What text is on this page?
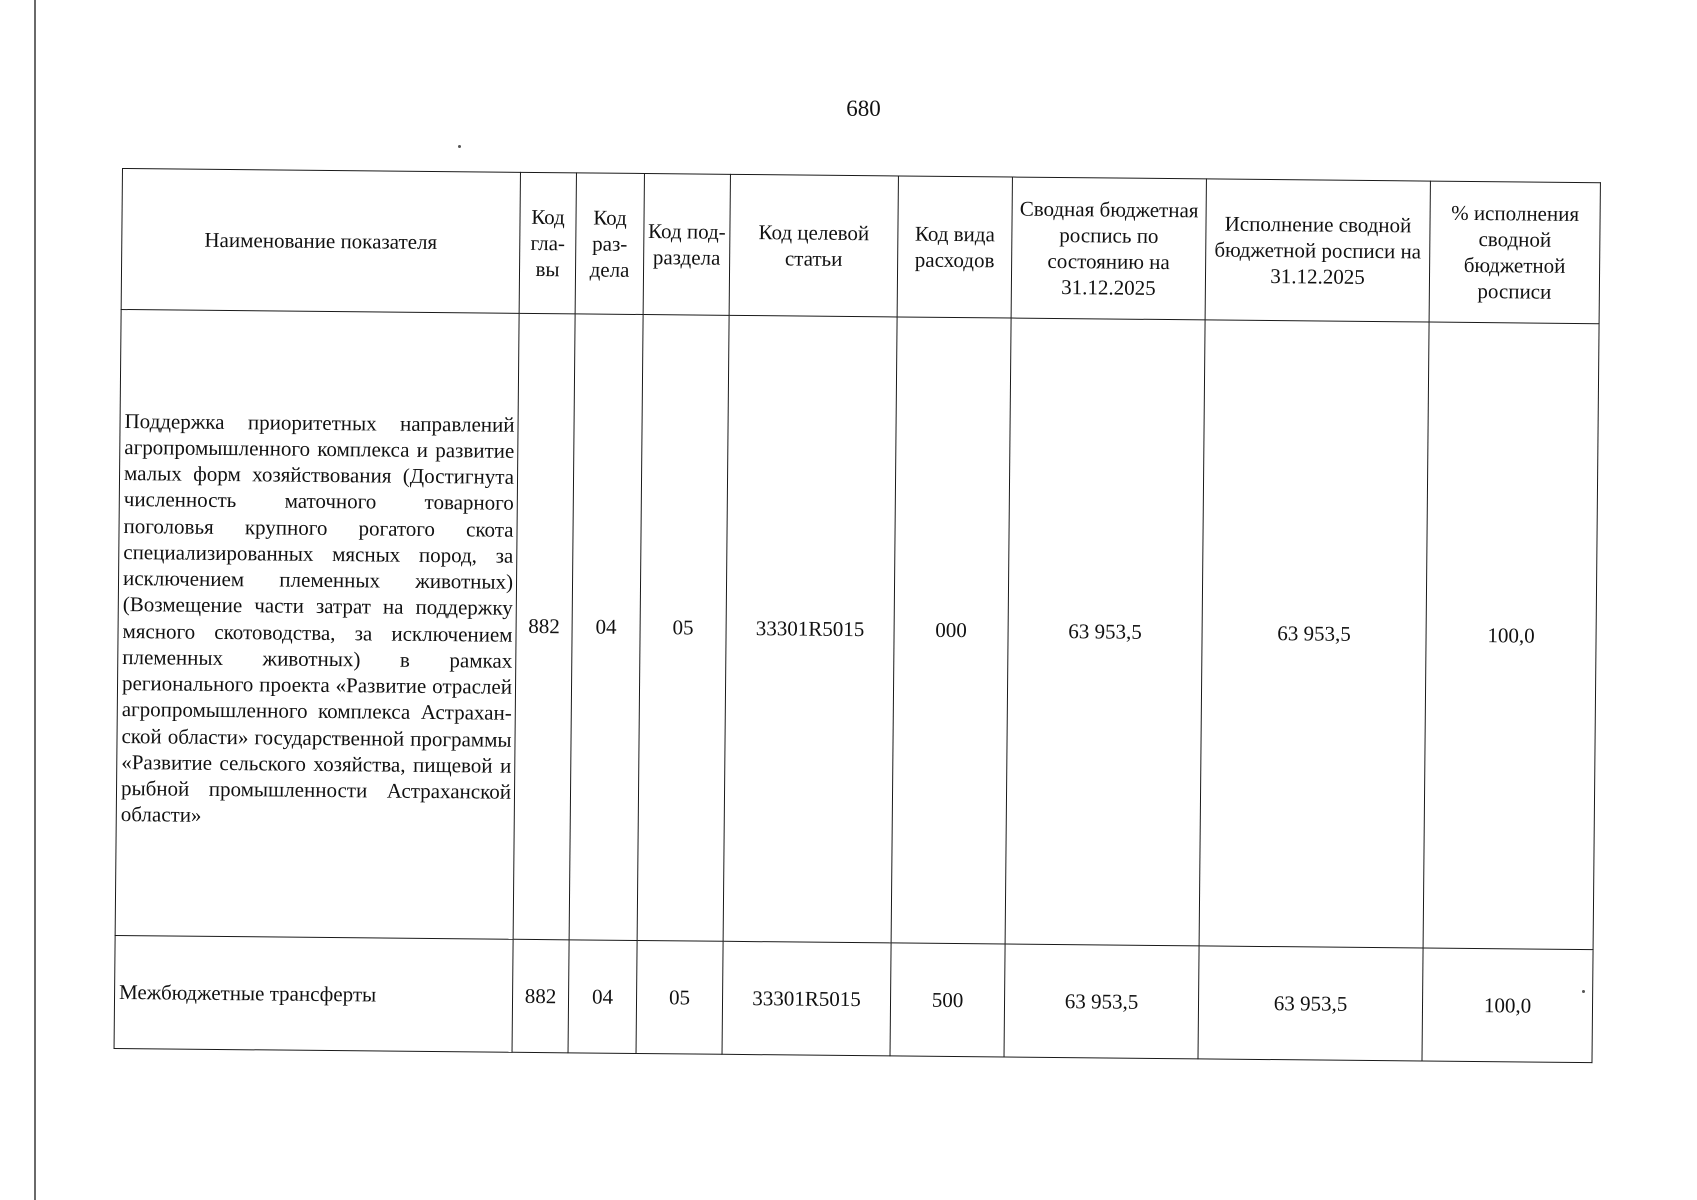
680
Наименование показателя	Код гла-вы	Код раз-дела	Код под-раздела	Код целевой статьи	Код вида расходов	Сводная бюджетная роспись по состоянию на 31.12.2025	Исполнение сводной бюджетной росписи на 31.12.2025	% исполнения сводной бюджетной росписи
Поддержка приоритетных направлений агропромышленного комплекса и развитие малых форм хозяйствования (Достигнута численность маточного товарного поголовья крупного рогатого скота специализированных мясных пород, за исключением племенных животных) (Возмещение части затрат на поддержку мясного скотоводства, за исключением племенных животных) в рамках регионального проекта «Развитие отраслей агропромышленного комплекса Астраханской области» государственной программы «Развитие сельского хозяйства, пищевой и рыбной промышленности Астраханской области»	882	04	05	33301R5015	000	63 953,5	63 953,5	100,0
Межбюджетные трансферты	882	04	05	33301R5015	500	63 953,5	63 953,5	100,0
